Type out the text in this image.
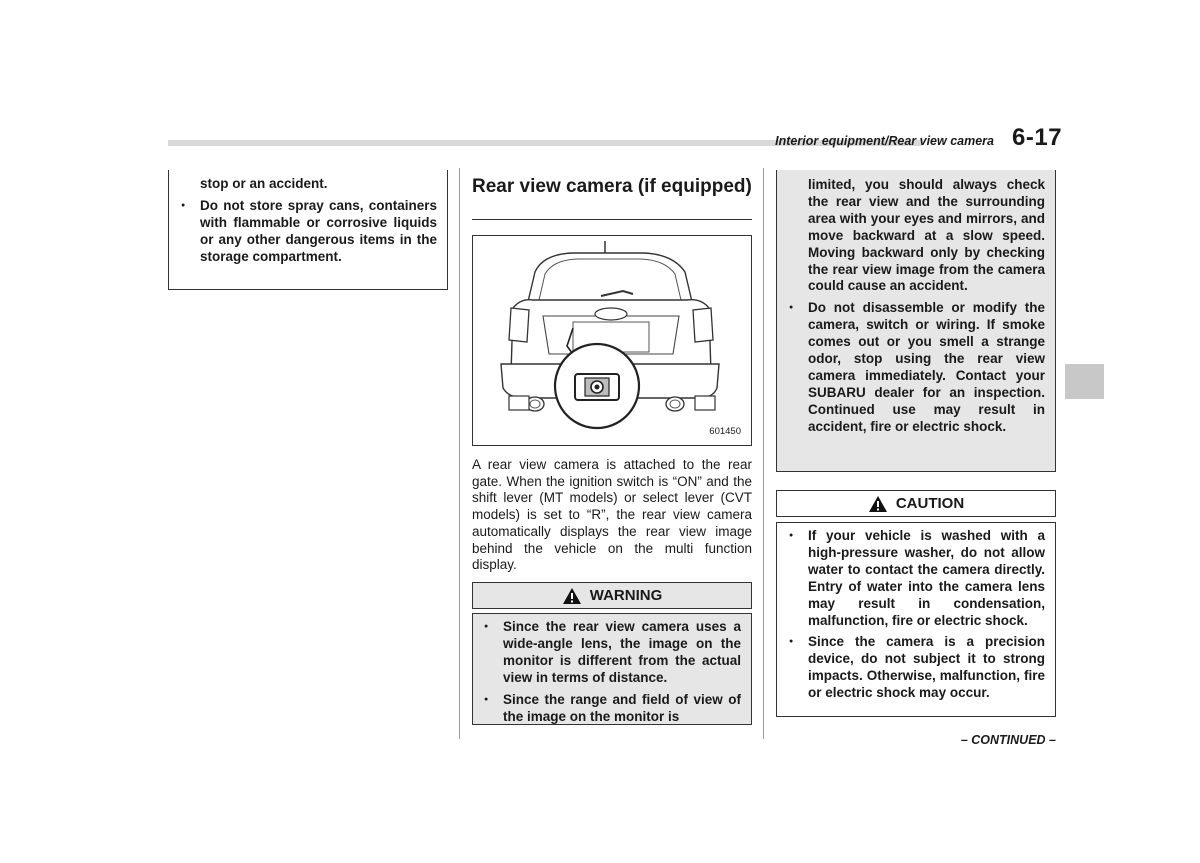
Interior equipment/Rear view camera 6-17
stop or an accident.
● Do not store spray cans, containers with flammable or corrosive liquids or any other dangerous items in the storage compartment.
Rear view camera (if equipped)
601450
A rear view camera is attached to the rear gate. When the ignition switch is “ON” and the shift lever (MT models) or select lever (CVT models) is set to “R”, the rear view camera automatically displays the rear view image behind the vehicle on the multi function display.
WARNING
● Since the rear view camera uses a wide-angle lens, the image on the monitor is different from the actual view in terms of distance.
● Since the range and field of view of the image on the monitor is
limited, you should always check the rear view and the surrounding area with your eyes and mirrors, and move backward at a slow speed. Moving backward only by checking the rear view image from the camera could cause an accident.
● Do not disassemble or modify the camera, switch or wiring. If smoke comes out or you smell a strange odor, stop using the rear view camera immediately. Contact your SUBARU dealer for an inspection. Continued use may result in accident, fire or electric shock.
CAUTION
● If your vehicle is washed with a high-pressure washer, do not allow water to contact the camera directly. Entry of water into the camera lens may result in condensation, malfunction, fire or electric shock.
● Since the camera is a precision device, do not subject it to strong impacts. Otherwise, malfunction, fire or electric shock may occur.
– CONTINUED –
